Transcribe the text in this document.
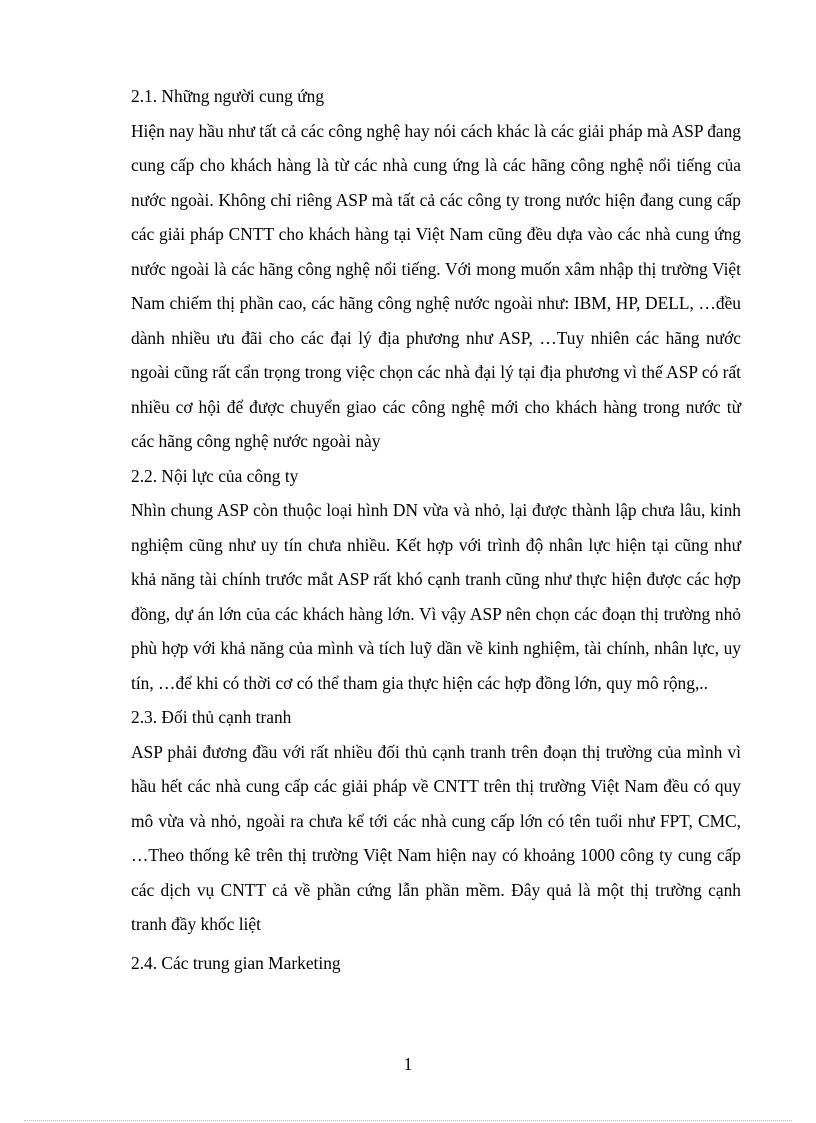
2.1. Những người cung ứng

Hiện nay hầu như tất cả các công nghệ hay nói cách khác là các giải pháp mà ASP đang cung cấp cho khách hàng là từ các nhà cung ứng là các hãng công nghệ nổi tiếng của nước ngoài. Không chỉ riêng ASP mà tất cả các công ty trong nước hiện đang cung cấp các giải pháp CNTT cho khách hàng tại Việt Nam cũng đều dựa vào các nhà cung ứng nước ngoài là các hãng công nghệ nổi tiếng. Với mong muốn xâm nhập thị trường Việt Nam chiếm thị phần cao, các hãng công nghệ nước ngoài như: IBM, HP, DELL, …đều dành nhiều ưu đãi cho các đại lý địa phương như ASP, …Tuy nhiên các hãng nước ngoài cũng rất cẩn trọng trong việc chọn các nhà đại lý tại địa phương vì thế ASP có rất nhiều cơ hội để được chuyển giao các công nghệ mới cho khách hàng trong nước từ các hãng công nghệ nước ngoài này

2.2. Nội lực của công ty

Nhìn chung ASP còn thuộc loại hình DN vừa và nhỏ, lại được thành lập chưa lâu, kinh nghiệm cũng như uy tín chưa nhiều. Kết hợp với trình độ nhân lực hiện tại cũng như khả năng tài chính trước mắt ASP rất khó cạnh tranh cũng như thực hiện được các hợp đồng, dự án lớn của các khách hàng lớn. Vì vậy ASP nên chọn các đoạn thị trường nhỏ phù hợp với khả năng của mình và tích luỹ dần về kinh nghiệm, tài chính, nhân lực, uy tín, …để khi có thời cơ có thể tham gia thực hiện các hợp đồng lớn, quy mô rộng,..

2.3. Đối thủ cạnh tranh

ASP phải đương đầu với rất nhiều đối thủ cạnh tranh trên đoạn thị trường của mình vì hầu hết các nhà cung cấp các giải pháp về CNTT trên thị trường Việt Nam đều có quy mô vừa và nhỏ, ngoài ra chưa kể tới các nhà cung cấp lớn có tên tuổi như FPT, CMC, …Theo thống kê trên thị trường Việt Nam hiện nay có khoảng 1000 công ty cung cấp các dịch vụ CNTT cả về phần cứng lẫn phần mềm. Đây quả là một thị trường cạnh tranh đầy khốc liệt

2.4. Các trung gian Marketing
1
